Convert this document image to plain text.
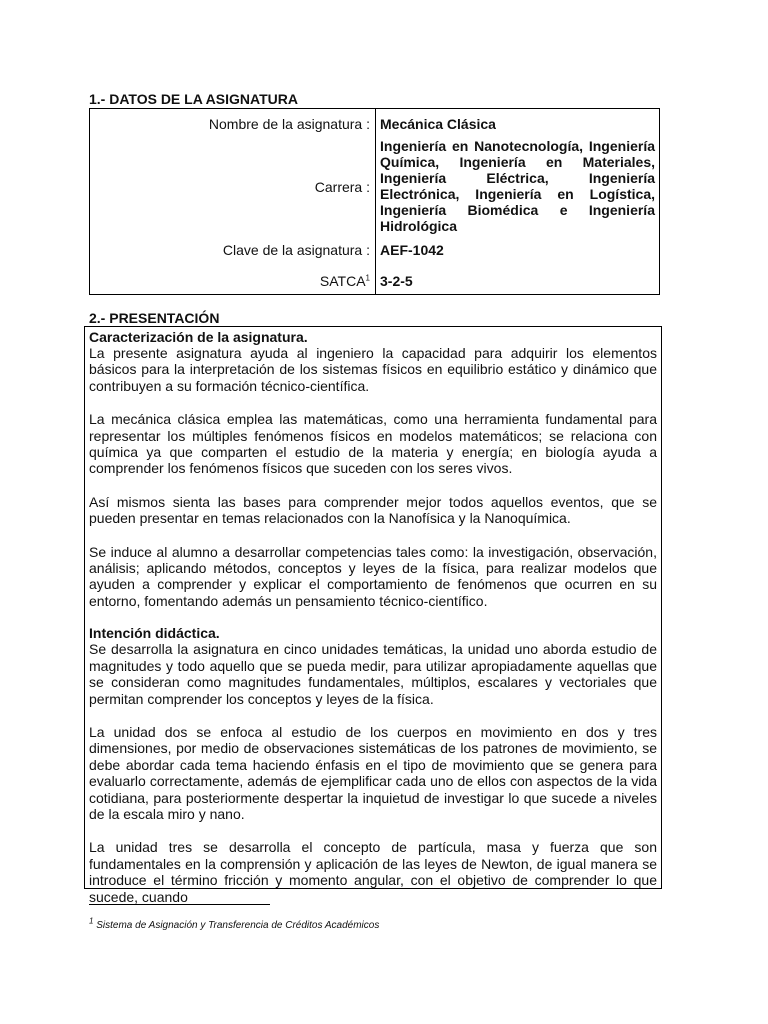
1.- DATOS DE LA ASIGNATURA
Nombre de la asignatura : Mecánica Clásica
Carrera :
Ingeniería en Nanotecnología, Ingeniería Química, Ingeniería en Materiales, Ingeniería Eléctrica, Ingeniería Electrónica, Ingeniería en Logística, Ingeniería Biomédica e Ingeniería Hidrológica
Clave de la asignatura : AEF-1042
SATCA$^1$ 3-2-5
2.- PRESENTACIÓN
Caracterización de la asignatura.

La presente asignatura ayuda al ingeniero la capacidad para adquirir los elementos básicos para la interpretación de los sistemas físicos en equilibrio estático y dinámico que contribuyen a su formación técnico-científica.

La mecánica clásica emplea las matemáticas, como una herramienta fundamental para representar los múltiples fenómenos físicos en modelos matemáticos; se relaciona con química ya que comparten el estudio de la materia y energía; en biología ayuda a comprender los fenómenos físicos que suceden con los seres vivos.

Así mismos sienta las bases para comprender mejor todos aquellos eventos, que se pueden presentar en temas relacionados con la Nanofísica y la Nanoquímica.

Se induce al alumno a desarrollar competencias tales como: la investigación, observación, análisis; aplicando métodos, conceptos y leyes de la física, para realizar modelos que ayuden a comprender y explicar el comportamiento de fenómenos que ocurren en su entorno, fomentando además un pensamiento técnico-científico.

Intención didáctica.

Se desarrolla la asignatura en cinco unidades temáticas, la unidad uno aborda estudio de magnitudes y todo aquello que se pueda medir, para utilizar apropiadamente aquellas que se consideran como magnitudes fundamentales, múltiplos, escalares y vectoriales que permitan comprender los conceptos y leyes de la física.

La unidad dos se enfoca al estudio de los cuerpos en movimiento en dos y tres dimensiones, por medio de observaciones sistemáticas de los patrones de movimiento, se debe abordar cada tema haciendo énfasis en el tipo de movimiento que se genera para evaluarlo correctamente, además de ejemplificar cada uno de ellos con aspectos de la vida cotidiana, para posteriormente despertar la inquietud de investigar lo que sucede a niveles de la escala miro y nano.

La unidad tres se desarrolla el concepto de partícula, masa y fuerza que son fundamentales en la comprensión y aplicación de las leyes de Newton, de igual manera se introduce el término fricción y momento angular, con el objetivo de comprender lo que sucede, cuando

$^1$ Sistema de Asignación y Transferencia de Créditos Académicos
